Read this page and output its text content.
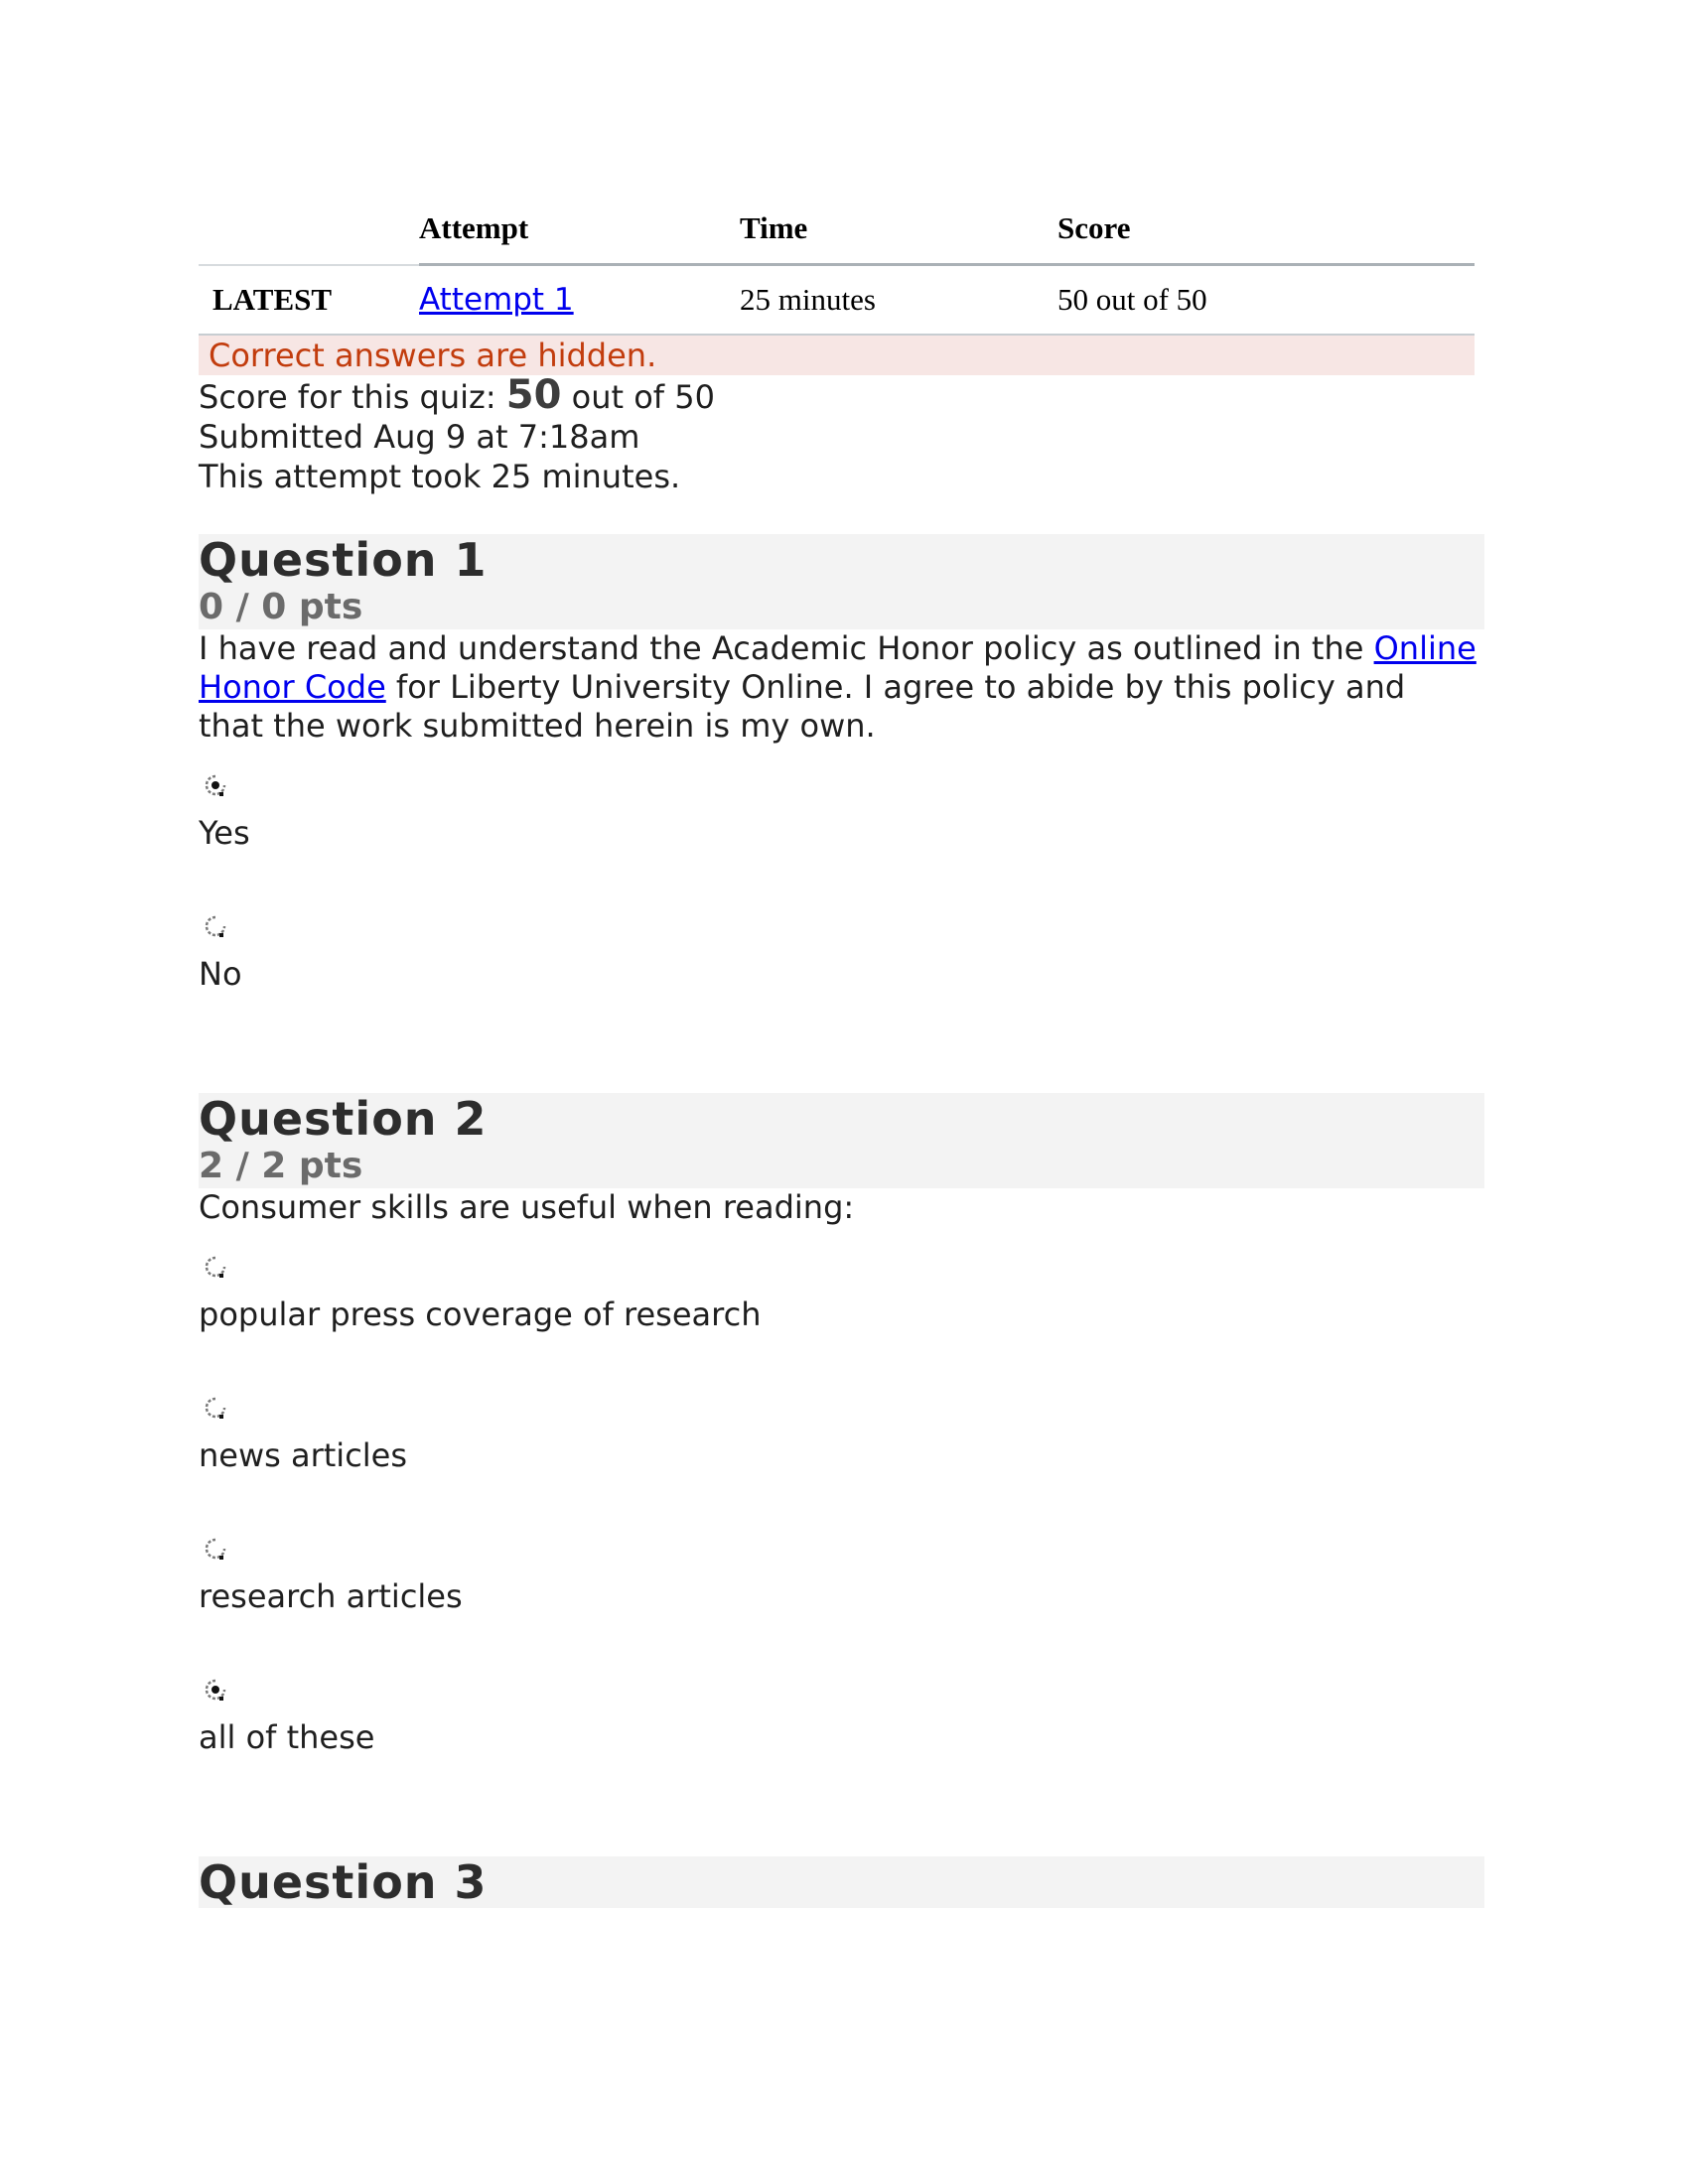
	Attempt	Time	Score
LATEST	Attempt 1	25 minutes	50 out of 50
Correct answers are hidden.
Score for this quiz: 50 out of 50
Submitted Aug 9 at 7:18am
This attempt took 25 minutes.
Question 1
0 / 0 pts
I have read and understand the Academic Honor policy as outlined in the Online Honor Code for Liberty University Online. I agree to abide by this policy and that the work submitted herein is my own.
Yes
No
Question 2
2 / 2 pts
Consumer skills are useful when reading:
popular press coverage of research
news articles
research articles
all of these
Question 3
